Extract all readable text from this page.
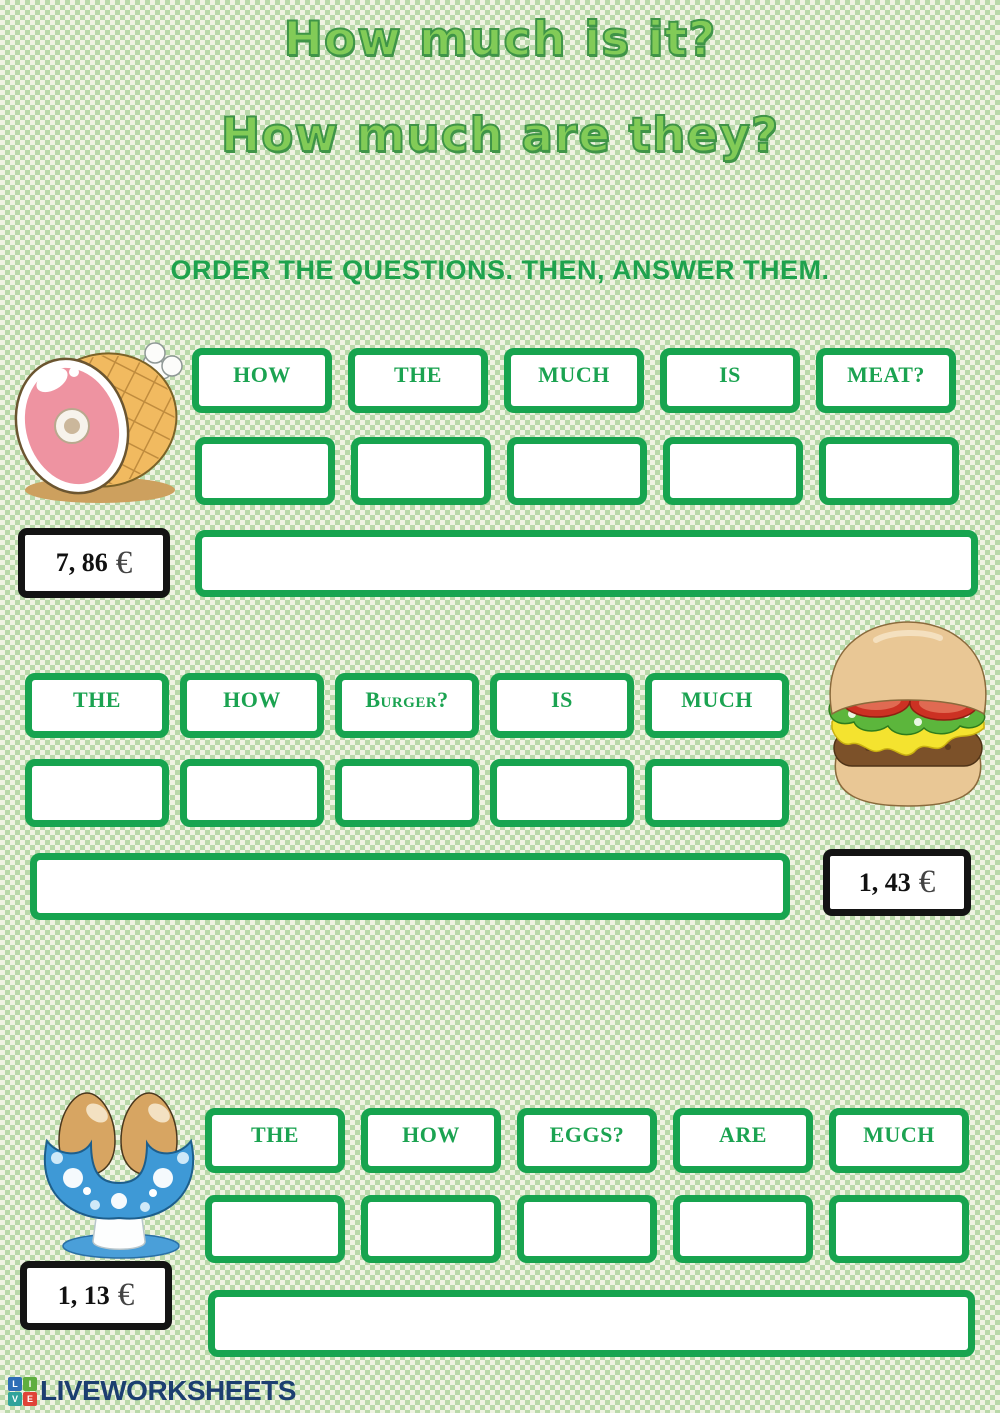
How much is it?
How much are they?
ORDER THE QUESTIONS. THEN, ANSWER THEM.
HOW	THE	MUCH	IS	MEAT?
7, 86 €
THE	HOW	Burger?	IS	MUCH
1, 43 €
THE	HOW	EGGS?	ARE	MUCH
1, 13 €
L	I
V E LIVEWORKSHEETS
